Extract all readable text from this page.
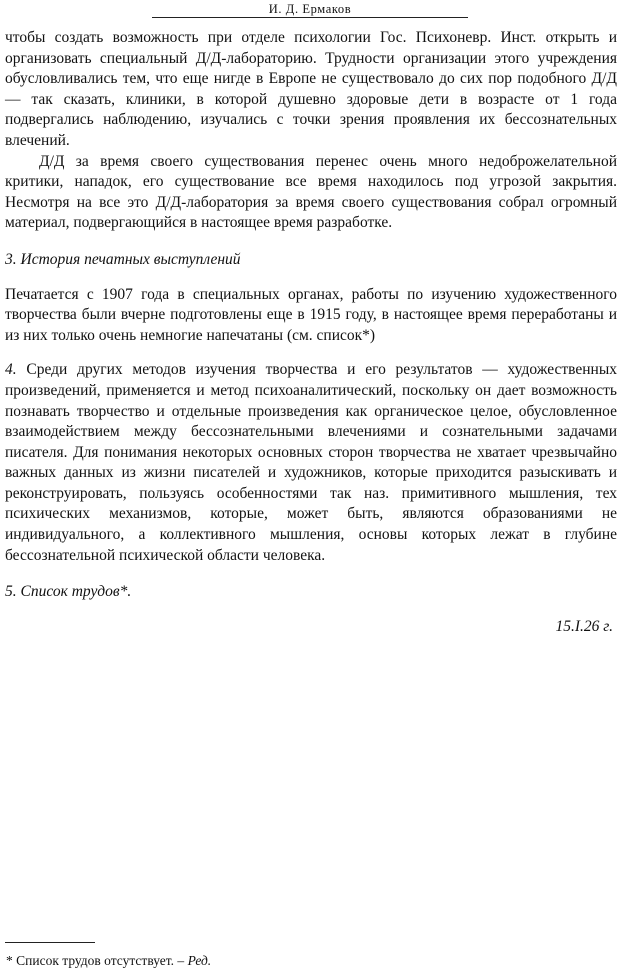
И. Д. Ермаков

чтобы создать возможность при отделе психологии Гос. Психоневр. Инст. открыть и организовать специальный Д/Д-лабораторию. Трудности организации этого учреждения обусловливались тем, что еще нигде в Европе не существовало до сих пор подобного Д/Д — так сказать, клиники, в которой душевно здоровые дети в возрасте от 1 года подвергались наблюдению, изучались с точки зрения проявления их бессознательных влечений.

Д/Д за время своего существования перенес очень много недоброжелательной критики, нападок, его существование все время находилось под угрозой закрытия. Несмотря на все это Д/Д-лаборатория за время своего существования собрал огромный материал, подвергающийся в настоящее время разработке.

3. История печатных выступлений

Печатается с 1907 года в специальных органах, работы по изучению художественного творчества были вчерне подготовлены еще в 1915 году, в настоящее время переработаны и из них только очень немногие напечатаны (см. список*)

4. Среди других методов изучения творчества и его результатов — художественных произведений, применяется и метод психоаналитический, поскольку он дает возможность познавать творчество и отдельные произведения как органическое целое, обусловленное взаимодействием между бессознательными влечениями и сознательными задачами писателя. Для понимания некоторых основных сторон творчества не хватает чрезвычайно важных данных из жизни писателей и художников, которые приходится разыскивать и реконструировать, пользуясь особенностями так наз. примитивного мышления, тех психических механизмов, которые, может быть, являются образованиями не индивидуального, а коллективного мышления, основы которых лежат в глубине бессознательной психической области человека.

5. Список трудов*.

15.I.26 г.

* Список трудов отсутствует. – Ред.
